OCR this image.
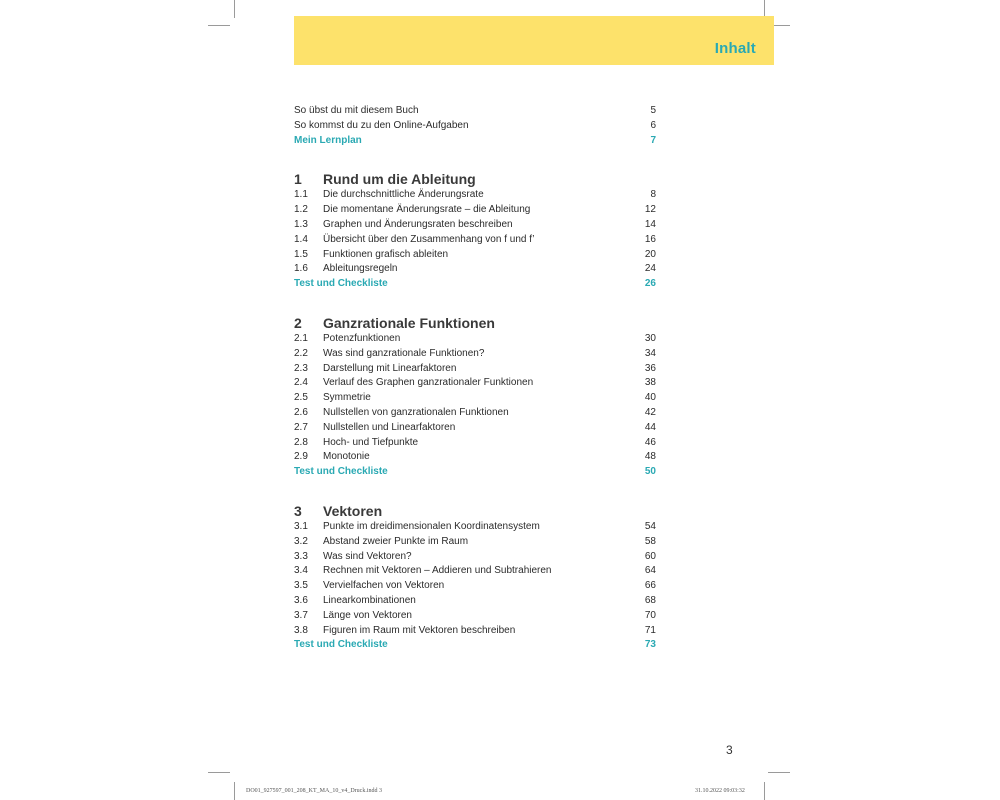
Inhalt
So übst du mit diesem Buch	5
So kommst du zu den Online-Aufgaben	6
Mein Lernplan	7
1 Rund um die Ableitung
1.1	Die durchschnittliche Änderungsrate	8
1.2	Die momentane Änderungsrate – die Ableitung	12
1.3	Graphen und Änderungsraten beschreiben	14
1.4	Übersicht über den Zusammenhang von f und f’	16
1.5	Funktionen grafisch ableiten	20
1.6	Ableitungsregeln	24
Test und Checkliste	26
2 Ganzrationale Funktionen
2.1	Potenzfunktionen	30
2.2	Was sind ganzrationale Funktionen?	34
2.3	Darstellung mit Linearfaktoren	36
2.4	Verlauf des Graphen ganzrationaler Funktionen	38
2.5	Symmetrie	40
2.6	Nullstellen von ganzrationalen Funktionen	42
2.7	Nullstellen und Linearfaktoren	44
2.8	Hoch- und Tiefpunkte	46
2.9	Monotonie	48
Test und Checkliste	50
3 Vektoren
3.1	Punkte im dreidimensionalen Koordinatensystem	54
3.2	Abstand zweier Punkte im Raum	58
3.3	Was sind Vektoren?	60
3.4	Rechnen mit Vektoren – Addieren und Subtrahieren	64
3.5	Vervielfachen von Vektoren	66
3.6	Linearkombinationen	68
3.7	Länge von Vektoren	70
3.8	Figuren im Raum mit Vektoren beschreiben	71
Test und Checkliste	73
3
DO01_927597_001_208_KT_MA_10_v4_Druck.indd 3	31.10.2022 09:03:32
